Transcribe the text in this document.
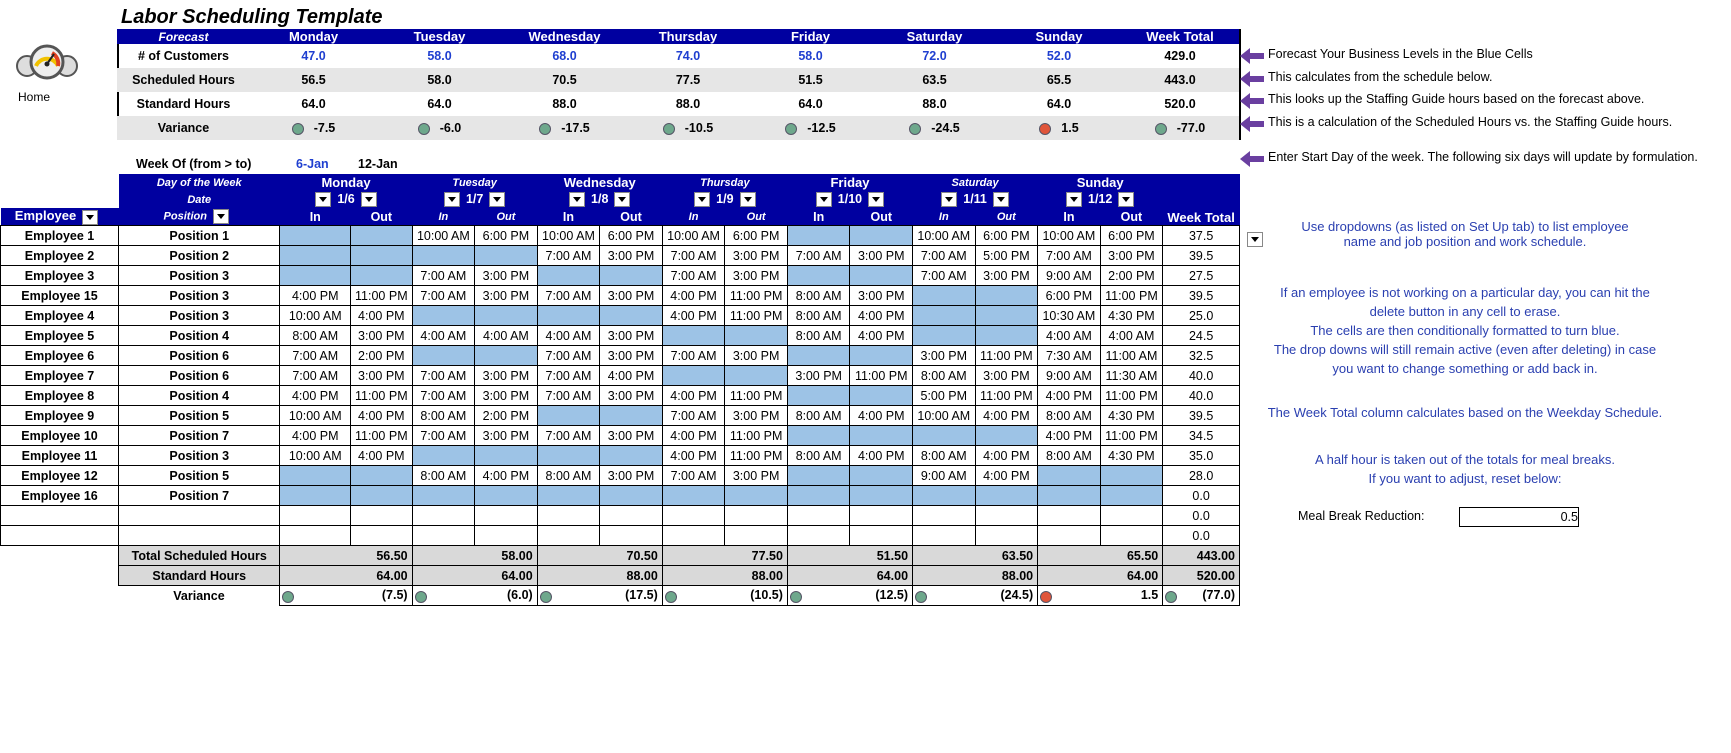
Labor Scheduling Template
Home
Forecast	Monday	Tuesday	Wednesday	Thursday	Friday	Saturday	Sunday	Week Total
# of Customers	47.0	58.0	68.0	74.0	58.0	72.0	52.0	429.0
Scheduled Hours	56.5	58.0	70.5	77.5	51.5	63.5	65.5	443.0
Standard Hours	64.0	64.0	88.0	88.0	64.0	88.0	64.0	520.0
Variance	-7.5	-6.0	-17.5	-10.5	-12.5	-24.5	1.5	-77.0
Forecast Your Business Levels in the Blue Cells
This calculates from the schedule below.
This looks up the Staffing Guide hours based on the forecast above.
This is a calculation of the Scheduled Hours vs. the Staffing Guide hours.
Enter Start Day of the week. The following six days will update by formulation.
Week Of (from > to)	6-Jan 12-Jan
	Day of the Week	Monday		Tuesday		Wednesday		Thursday		Friday		Saturday		Sunday		
	Date	1/6		1/7		1/8		1/9		1/10		1/11		1/12		Week Total
Employee	Position	In	Out	In	Out	In	Out	In	Out	In	Out	In	Out	In	Out	
Employee 1	Position 1			10:00 AM	6:00 PM	10:00 AM	6:00 PM	10:00 AM	6:00 PM			10:00 AM	6:00 PM	10:00 AM	6:00 PM	37.5
Employee 2	Position 2					7:00 AM	3:00 PM	7:00 AM	3:00 PM	7:00 AM	3:00 PM	7:00 AM	5:00 PM	7:00 AM	3:00 PM	39.5
Employee 3	Position 3			7:00 AM	3:00 PM			7:00 AM	3:00 PM			7:00 AM	3:00 PM	9:00 AM	2:00 PM	27.5
Employee 15	Position 3	4:00 PM	11:00 PM	7:00 AM	3:00 PM	7:00 AM	3:00 PM	4:00 PM	11:00 PM	8:00 AM	3:00 PM			6:00 PM	11:00 PM	39.5
Employee 4	Position 3	10:00 AM	4:00 PM					4:00 PM	11:00 PM	8:00 AM	4:00 PM			10:30 AM	4:30 PM	25.0
Employee 5	Position 4	8:00 AM	3:00 PM	4:00 AM	4:00 AM	4:00 AM	3:00 PM			8:00 AM	4:00 PM			4:00 AM	4:00 AM	24.5
Employee 6	Position 6	7:00 AM	2:00 PM			7:00 AM	3:00 PM	7:00 AM	3:00 PM			3:00 PM	11:00 PM	7:30 AM	11:00 AM	32.5
Employee 7	Position 6	7:00 AM	3:00 PM	7:00 AM	3:00 PM	7:00 AM	4:00 PM			3:00 PM	11:00 PM	8:00 AM	3:00 PM	9:00 AM	11:30 AM	40.0
Employee 8	Position 4	4:00 PM	11:00 PM	7:00 AM	3:00 PM	7:00 AM	3:00 PM	4:00 PM	11:00 PM			5:00 PM	11:00 PM	4:00 PM	11:00 PM	40.0
Employee 9	Position 5	10:00 AM	4:00 PM	8:00 AM	2:00 PM			7:00 AM	3:00 PM	8:00 AM	4:00 PM	10:00 AM	4:00 PM	8:00 AM	4:30 PM	39.5
Employee 10	Position 7	4:00 PM	11:00 PM	7:00 AM	3:00 PM	7:00 AM	3:00 PM	4:00 PM	11:00 PM					4:00 PM	11:00 PM	34.5
Employee 11	Position 3	10:00 AM	4:00 PM					4:00 PM	11:00 PM	8:00 AM	4:00 PM	8:00 AM	4:00 PM	8:00 AM	4:30 PM	35.0
Employee 12	Position 5			8:00 AM	4:00 PM	8:00 AM	3:00 PM	7:00 AM	3:00 PM			9:00 AM	4:00 PM			28.0
Employee 16	Position 7															0.0
																0.0
																0.0
	Total Scheduled Hours	56.50		58.00		70.50		77.50		51.50		63.50		65.50		443.00
	Standard Hours	64.00		64.00		88.00		88.00		64.00		88.00		64.00		520.00
	Variance	(7.5)		(6.0)		(17.5)		(10.5)		(12.5)		(24.5)		1.5		(77.0)
Use dropdowns (as listed on Set Up tab) to list employee
name and job position and work schedule.
If an employee is not working on a particular day, you can hit the
delete button in any cell to erase.
The cells are then conditionally formatted to turn blue.
The drop downs will still remain active (even after deleting) in case
you want to change something or add back in.
The Week Total column calculates based on the Weekday Schedule.
A half hour is taken out of the totals for meal breaks.
If you want to adjust, reset below:
Meal Break Reduction:	0.5
